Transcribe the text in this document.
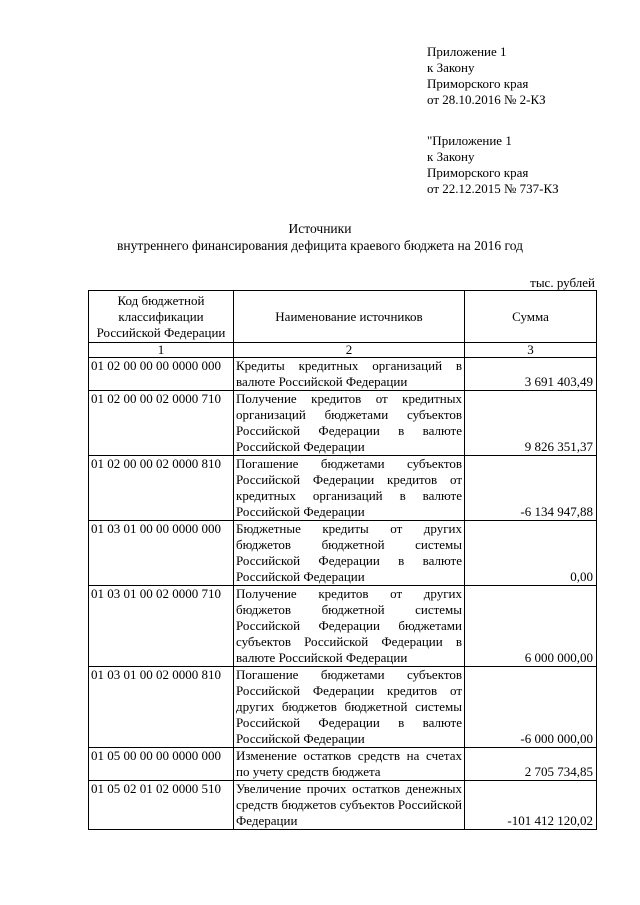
Приложение 1
к Закону
Приморского края
от 28.10.2016 № 2-КЗ
"Приложение 1
к Закону
Приморского края
от 22.12.2015 № 737-КЗ
Источники
внутреннего финансирования дефицита краевого бюджета на 2016 год
тыс. рублей
Код бюджетной классификации Российской Федерации	Наименование источников	Сумма
1	2	3
01 02 00 00 00 0000 000	Кредиты кредитных организаций в валюте Российской Федерации	3 691 403,49
01 02 00 00 02 0000 710	Получение кредитов от кредитных организаций бюджетами субъектов Российской Федерации в валюте Российской Федерации	9 826 351,37
01 02 00 00 02 0000 810	Погашение бюджетами субъектов Российской Федерации кредитов от кредитных организаций в валюте Российской Федерации	-6 134 947,88
01 03 01 00 00 0000 000	Бюджетные кредиты от других бюджетов бюджетной системы Российской Федерации в валюте Российской Федерации	0,00
01 03 01 00 02 0000 710	Получение кредитов от других бюджетов бюджетной системы Российской Федерации бюджетами субъектов Российской Федерации в валюте Российской Федерации	6 000 000,00
01 03 01 00 02 0000 810	Погашение бюджетами субъектов Российской Федерации кредитов от других бюджетов бюджетной системы Российской Федерации в валюте Российской Федерации	-6 000 000,00
01 05 00 00 00 0000 000	Изменение остатков средств на счетах по учету средств бюджета	2 705 734,85
01 05 02 01 02 0000 510	Увеличение прочих остатков денежных средств бюджетов субъектов Российской Федерации	-101 412 120,02
